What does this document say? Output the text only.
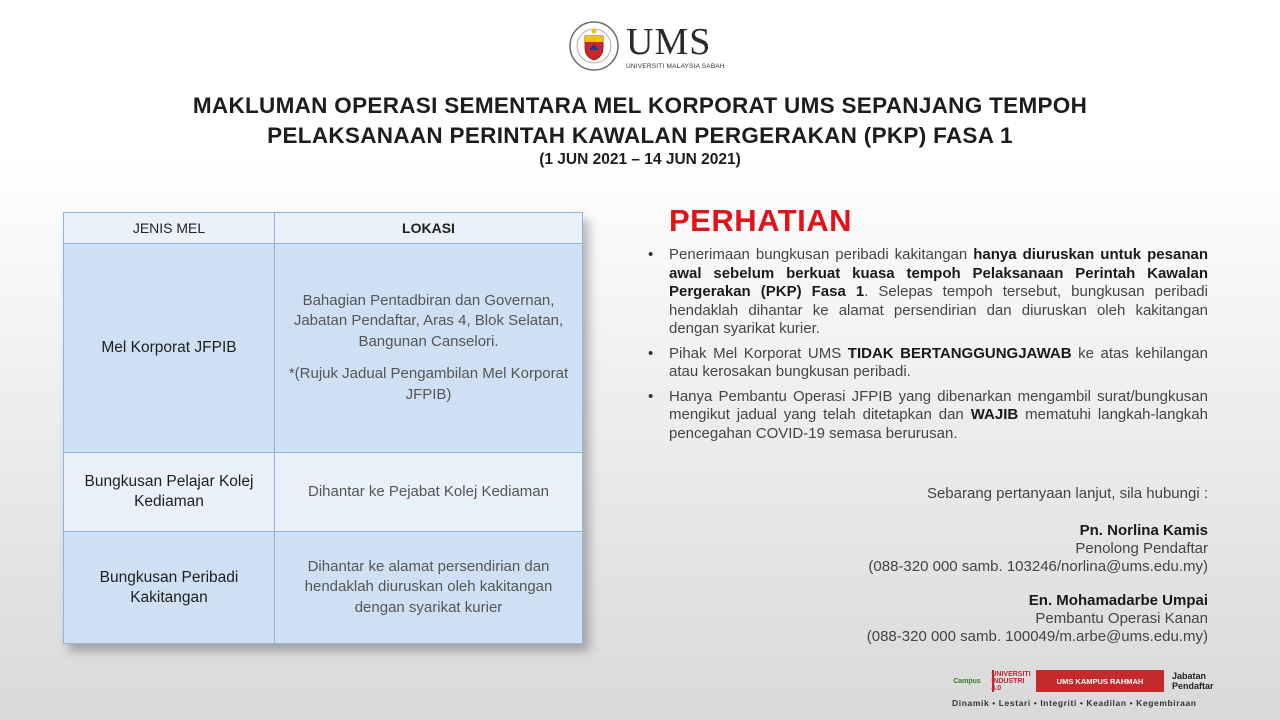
UMS
UNIVERSITI MALAYSIA SABAH
MAKLUMAN OPERASI SEMENTARA MEL KORPORAT UMS SEPANJANG TEMPOH
PELAKSANAAN PERINTAH KAWALAN PERGERAKAN (PKP) FASA 1
(1 JUN 2021 – 14 JUN 2021)
JENIS MEL	LOKASI
Mel Korporat JFPIB	Bahagian Pentadbiran dan Governan, Jabatan Pendaftar, Aras 4, Blok Selatan, Bangunan Canselori.
*(Rujuk Jadual Pengambilan Mel Korporat JFPIB)

Bungkusan Pelajar Kolej Kediaman	Dihantar ke Pejabat Kolej Kediaman
Bungkusan Peribadi Kakitangan	Dihantar ke alamat persendirian dan hendaklah diuruskan oleh kakitangan dengan syarikat kurier
PERHATIAN
•	Penerimaan bungkusan peribadi kakitangan hanya diuruskan untuk pesanan awal sebelum berkuat kuasa tempoh Pelaksanaan Perintah Kawalan Pergerakan (PKP) Fasa 1. Selepas tempoh tersebut, bungkusan peribadi hendaklah dihantar ke alamat persendirian dan diuruskan oleh kakitangan dengan syarikat kurier.
•	Pihak Mel Korporat UMS TIDAK BERTANGGUNGJAWAB ke atas kehilangan atau kerosakan bungkusan peribadi.
•	Hanya Pembantu Operasi JFPIB yang dibenarkan mengambil surat/bungkusan mengikut jadual yang telah ditetapkan dan WAJIB mematuhi langkah-langkah pencegahan COVID-19 semasa berurusan.
Sebarang pertanyaan lanjut, sila hubungi :
Pn. Norlina Kamis
Penolong Pendaftar
(088-320 000 samb. 103246/norlina@ums.edu.my)
En. Mohamadarbe Umpai
Pembantu Operasi Kanan
(088-320 000 samb. 100049/m.arbe@ums.edu.my)
Campus
UNIVERSITI INDUSTRI 4.0
UMS KAMPUS RAHMAH	Jabatan Pendaftar
Dinamik • Lestari • Integriti • Keadilan • Kegembiraan
